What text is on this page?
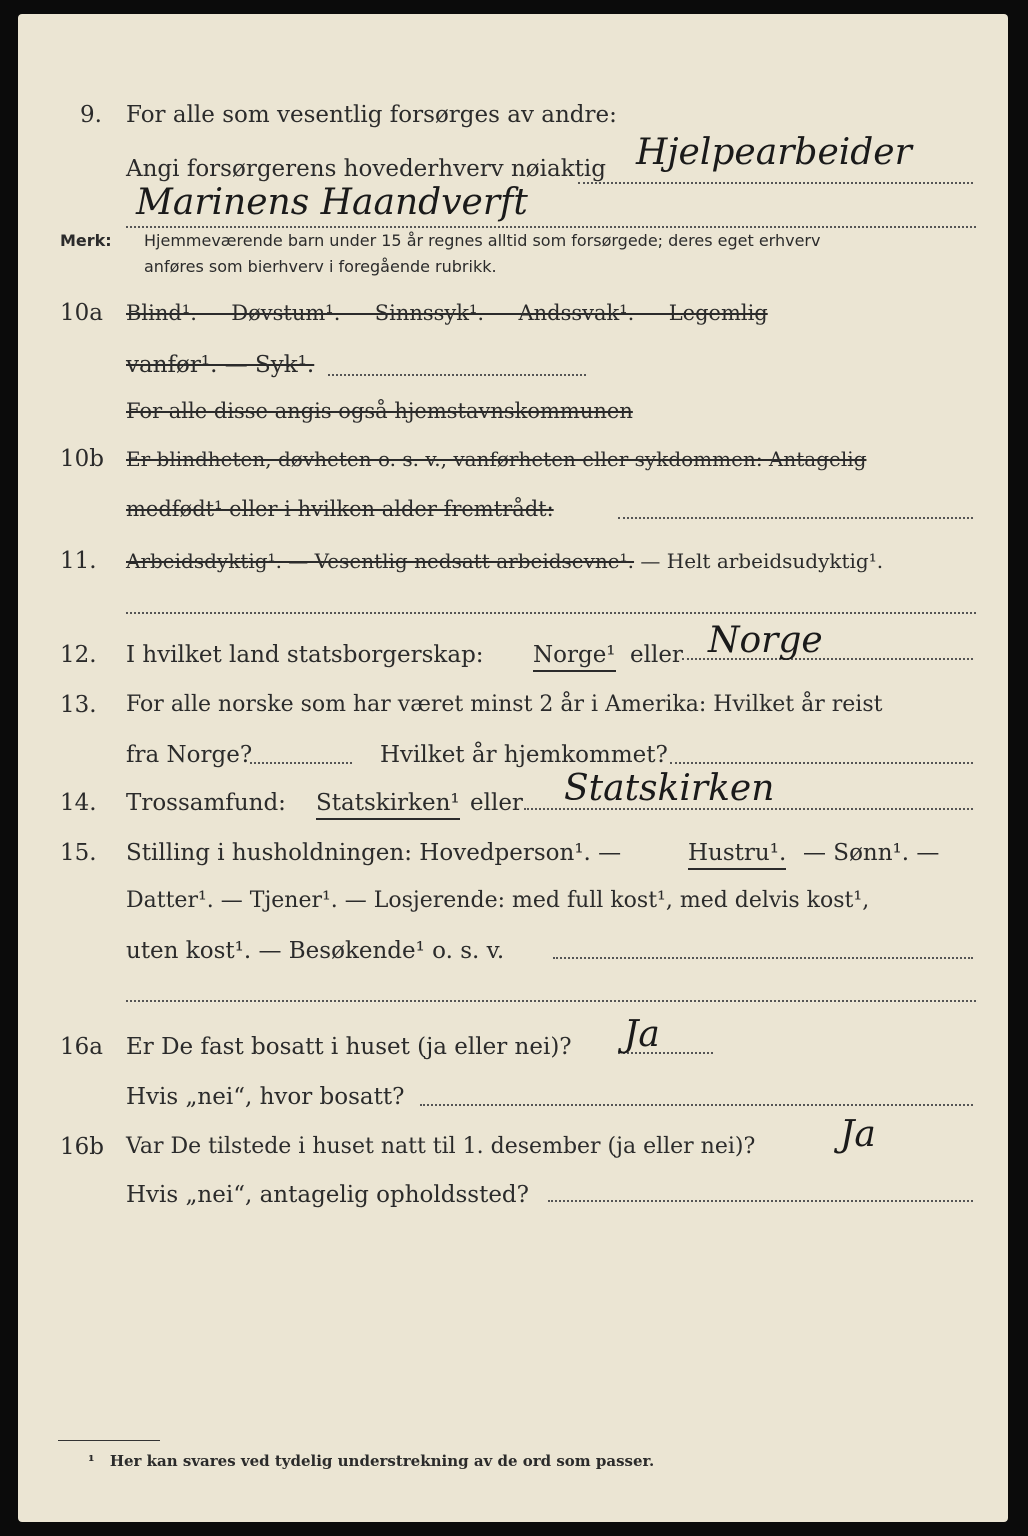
9.	For alle som vesentlig forsørges av andre:
Angi forsørgerens hovederhverv nøiaktig Hjelpearbeider
Marinens Haandverft
Merk: Hjemmeværende barn under 15 år regnes alltid som forsørgede; deres eget erhverv
anføres som bierhverv i foregående rubrikk.
10a	Blind¹. — Døvstum¹. — Sinnssyk¹. — Andssvak¹. — Legemlig
vanfør¹. — Syk¹.
For alle disse angis også hjemstavnskommunen
10b	Er blindheten, døvheten o. s. v., vanførheten eller sykdommen: Antagelig
medfødt¹ eller i hvilken alder fremtrådt:
11.	Arbeidsdyktig¹. — Vesentlig nedsatt arbeidsevne¹. — Helt arbeidsudyktig¹.
12.	I hvilket land statsborgerskap: Norge¹ eller Norge
13.	For alle norske som har været minst 2 år i Amerika: Hvilket år reist
fra Norge?	Hvilket år hjemkommet?
14.	Trossamfund: Statskirken¹ eller Statskirken
15.	Stilling i husholdningen: Hovedperson¹. —	Hustru¹. — Sønn¹. —
Datter¹. — Tjener¹. — Losjerende: med full kost¹, med delvis kost¹,
uten kost¹. — Besøkende¹ o. s. v.
16a	Er De fast bosatt i huset (ja eller nei)? Ja
Hvis „nei“, hvor bosatt?
16b	Var De tilstede i huset natt til 1. desember (ja eller nei)? Ja
Hvis „nei“, antagelig opholdssted?
¹ Her kan svares ved tydelig understrekning av de ord som passer.
